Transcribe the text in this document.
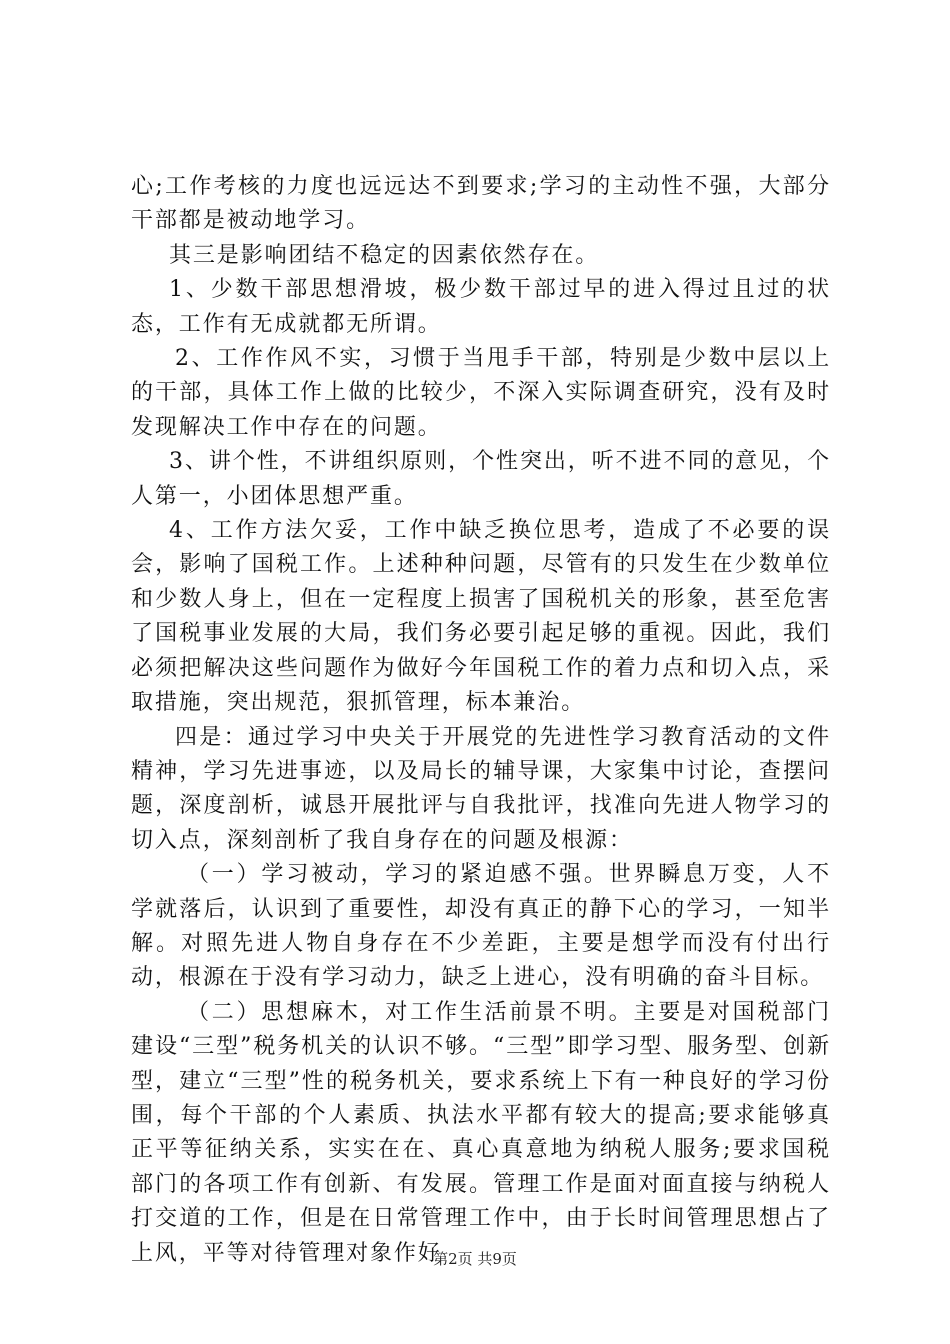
心;工作考核的力度也远远达不到要求;学习的主动性不强，大部分干部都是被动地学习。

其三是影响团结不稳定的因素依然存在。

1、少数干部思想滑坡，极少数干部过早的进入得过且过的状态，工作有无成就都无所谓。

2、工作作风不实，习惯于当甩手干部，特别是少数中层以上的干部，具体工作上做的比较少，不深入实际调查研究，没有及时发现解决工作中存在的问题。

3、讲个性，不讲组织原则，个性突出，听不进不同的意见，个人第一，小团体思想严重。

4、工作方法欠妥，工作中缺乏换位思考，造成了不必要的误会，影响了国税工作。上述种种问题，尽管有的只发生在少数单位和少数人身上，但在一定程度上损害了国税机关的形象，甚至危害了国税事业发展的大局，我们务必要引起足够的重视。因此，我们必须把解决这些问题作为做好今年国税工作的着力点和切入点，采取措施，突出规范，狠抓管理，标本兼治。

四是：通过学习中央关于开展党的先进性学习教育活动的文件精神，学习先进事迹，以及局长的辅导课，大家集中讨论，查摆问题，深度剖析，诚恳开展批评与自我批评，找准向先进人物学习的切入点，深刻剖析了我自身存在的问题及根源：

（一）学习被动，学习的紧迫感不强。世界瞬息万变，人不学就落后，认识到了重要性，却没有真正的静下心的学习，一知半解。对照先进人物自身存在不少差距，主要是想学而没有付出行动，根源在于没有学习动力，缺乏上进心，没有明确的奋斗目标。

（二）思想麻木，对工作生活前景不明。主要是对国税部门建设“三型”税务机关的认识不够。“三型”即学习型、服务型、创新型，建立“三型”性的税务机关，要求系统上下有一种良好的学习份围，每个干部的个人素质、执法水平都有较大的提高;要求能够真正平等征纳关系，实实在在、真心真意地为纳税人服务;要求国税部门的各项工作有创新、有发展。管理工作是面对面直接与纳税人打交道的工作，但是在日常管理工作中，由于长时间管理思想占了上风，平等对待管理对象作好

第2页 共9页
